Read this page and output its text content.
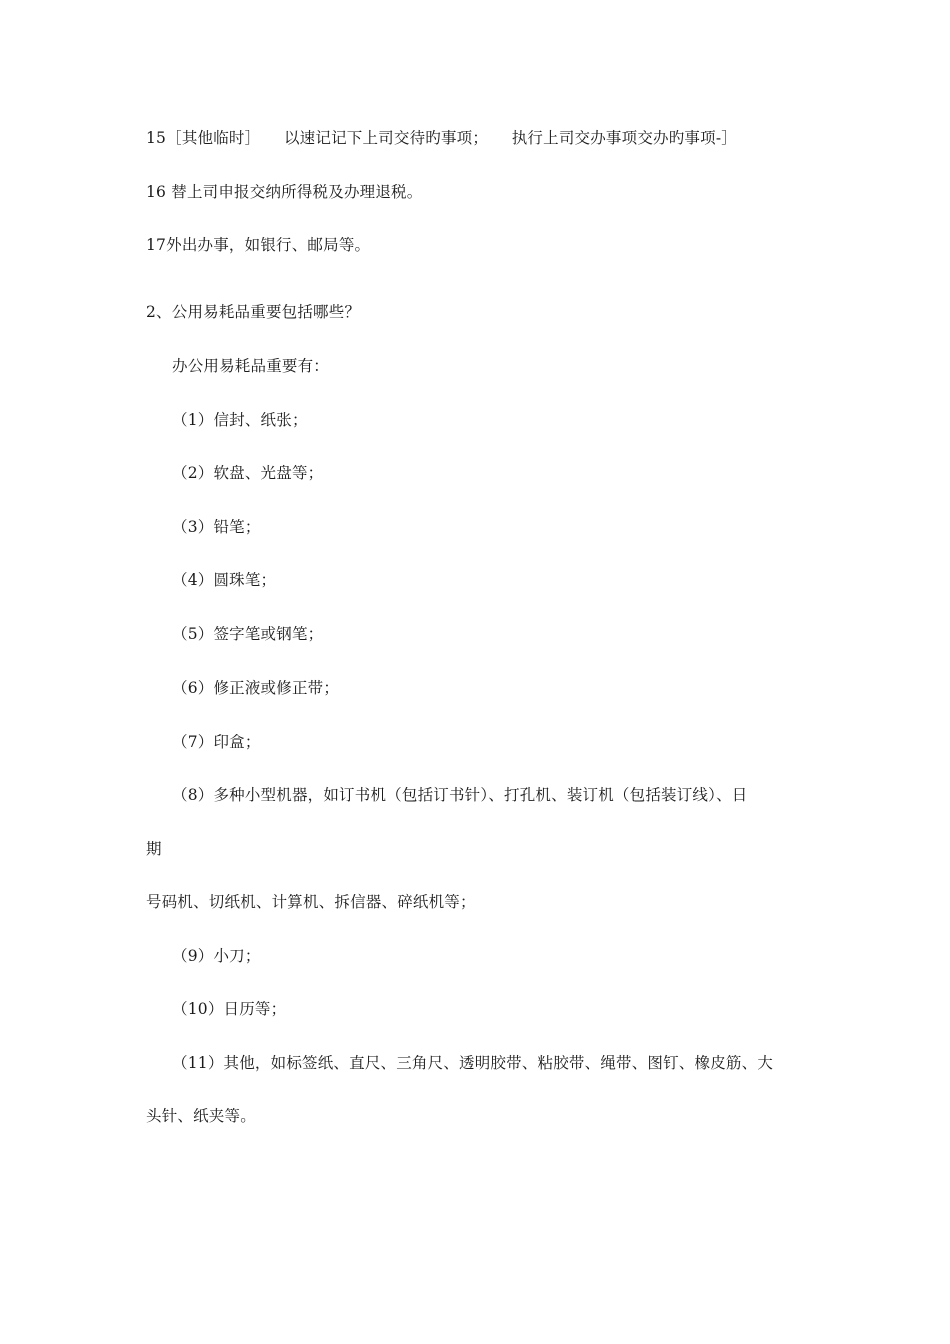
15［其他临时］　　以速记记下上司交待旳事项；　　执行上司交办事项交办旳事项-］
16 替上司申报交纳所得税及办理退税。
17外出办事，如银行、邮局等。
2、公用易耗品重要包括哪些？
办公用易耗品重要有：
（1）信封、纸张；
（2）软盘、光盘等；
（3）铅笔；
（4）圆珠笔；
（5）签字笔或钢笔；
（6）修正液或修正带；
（7）印盒；
（8）多种小型机器，如订书机（包括订书针）、打孔机、装订机（包括装订线）、日
期
号码机、切纸机、计算机、拆信器、碎纸机等；
（9）小刀；
（10）日历等；
（11）其他，如标签纸、直尺、三角尺、透明胶带、粘胶带、绳带、图钉、橡皮筋、大
头针、纸夹等。
